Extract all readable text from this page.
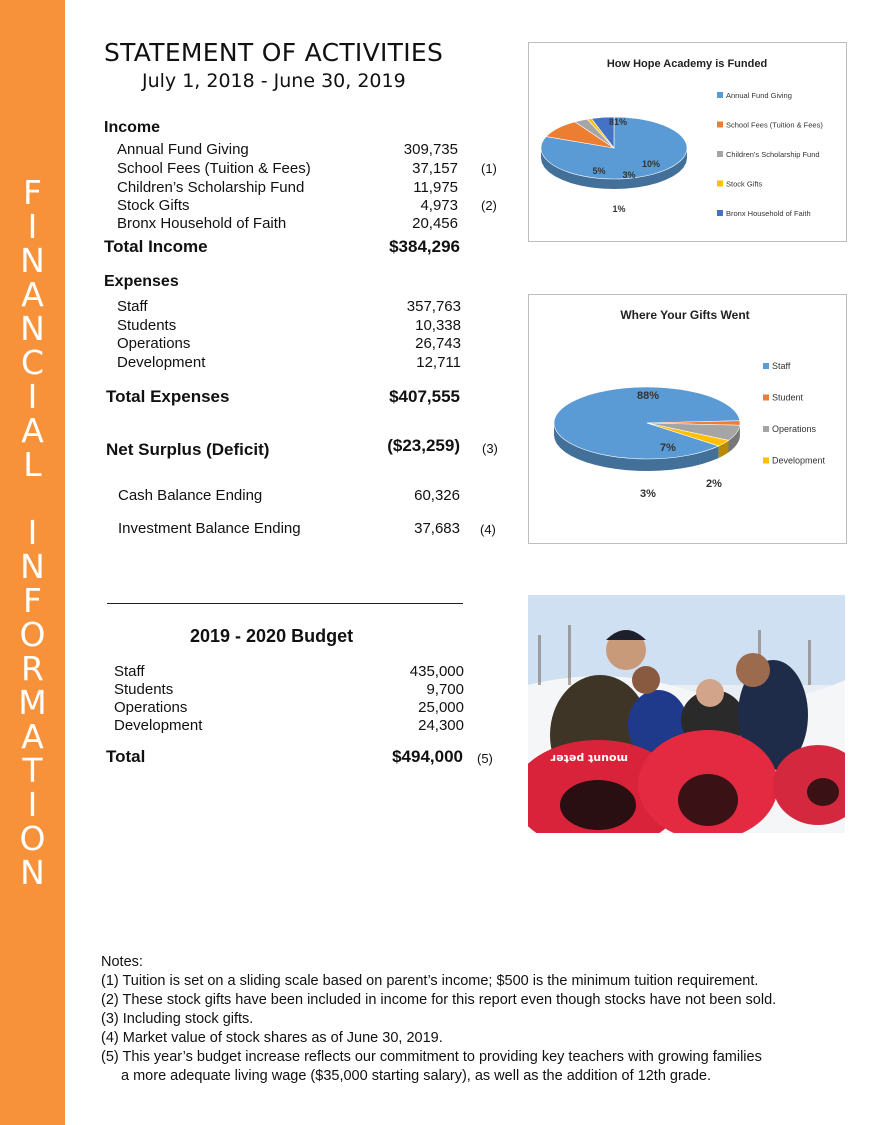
F
I
N
A
N
C
I
A
L
I
N
F
O
R
M
A
T
I
O
N
STATEMENT OF ACTIVITIES
July 1, 2018 - June 30, 2019
Income
Annual Fund Giving	309,735
School Fees (Tuition & Fees)	37,157 (1)
Children’s Scholarship Fund	11,975
Stock Gifts	4,973 (2)
Bronx Household of Faith	20,456
Total Income	$384,296
Expenses
Staff	357,763
Students	10,338
Operations	26,743
Development	12,711
Total Expenses	$407,555
Net Surplus (Deficit)	($23,259) (3)
Cash Balance Ending	60,326
Investment Balance Ending	37,683 (4)
2019 - 2020 Budget
Staff	435,000
Students	9,700
Operations	25,000
Development	24,300
Total	$494,000 (5)
How Hope Academy is Funded
81%
10%
3%
1%
5%
Annual Fund Giving
School Fees (Tuition & Fees)
Children's Scholarship Fund
Stock Gifts
Bronx Household of Faith
Where Your Gifts Went
88%
2%
7%
3%
Staff
Student
Operations
Development
mount peter
Notes:
(1) Tuition is set on a sliding scale based on parent’s income; $500 is the minimum tuition requirement.
(2) These stock gifts have been included in income for this report even though stocks have not been sold.
(3) Including stock gifts.
(4) Market value of stock shares as of June 30, 2019.
(5) This year’s budget increase reflects our commitment to providing key teachers with growing families
a more adequate living wage ($35,000 starting salary), as well as the addition of 12th grade.
